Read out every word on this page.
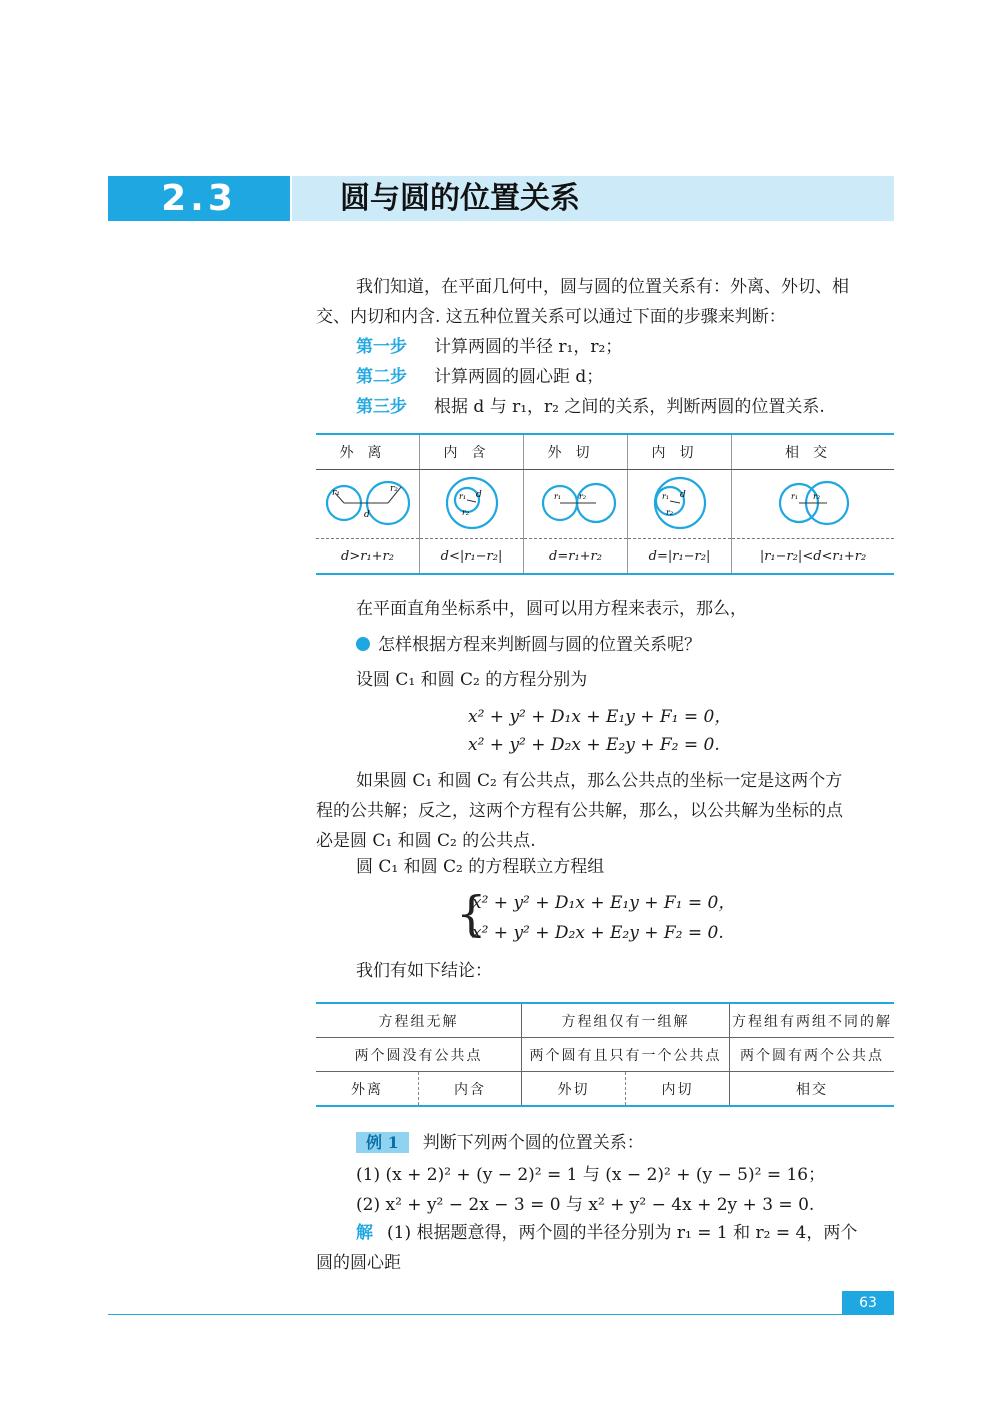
2.3	圆与圆的位置关系
我们知道，在平面几何中，圆与圆的位置关系有：外离、外切、相
交、内切和内含. 这五种位置关系可以通过下面的步骤来判断：
第一步 计算两圆的半径 r₁，r₂；
第二步 计算两圆的圆心距 d；
第三步 根据 d 与 r₁，r₂ 之间的关系，判断两圆的位置关系.
外离	内含	外切	内切	相交

r₁ r₂
d	r₁ d
r₂	r₁ r₂	r₁ d
r₂	r₁ r₂

d>r₁+r₂	d<|r₁−r₂|	d=r₁+r₂	d=|r₁−r₂|	|r₁−r₂|<d<r₁+r₂
在平面直角坐标系中，圆可以用方程来表示，那么，
怎样根据方程来判断圆与圆的位置关系呢？
设圆 C₁ 和圆 C₂ 的方程分别为
x² + y² + D₁x + E₁y + F₁ = 0，
x² + y² + D₂x + E₂y + F₂ = 0.
如果圆 C₁ 和圆 C₂ 有公共点，那么公共点的坐标一定是这两个方
程的公共解；反之，这两个方程有公共解，那么，以公共解为坐标的点
必是圆 C₁ 和圆 C₂ 的公共点.
圆 C₁ 和圆 C₂ 的方程联立方程组
{
x² + y² + D₁x + E₁y + F₁ = 0，
x² + y² + D₂x + E₂y + F₂ = 0.
我们有如下结论：
方程组无解		方程组仅有一组解		方程组有两组不同的解
两个圆没有公共点		两个圆有且只有一个公共点		两个圆有两个公共点
外离	内含	外切	内切	相交
例 1 判断下列两个圆的位置关系：
(1) (x + 2)² + (y − 2)² = 1 与 (x − 2)² + (y − 5)² = 16；
(2) x² + y² − 2x − 3 = 0 与 x² + y² − 4x + 2y + 3 = 0.
解 (1) 根据题意得，两个圆的半径分别为 r₁ = 1 和 r₂ = 4，两个
圆的圆心距
63
